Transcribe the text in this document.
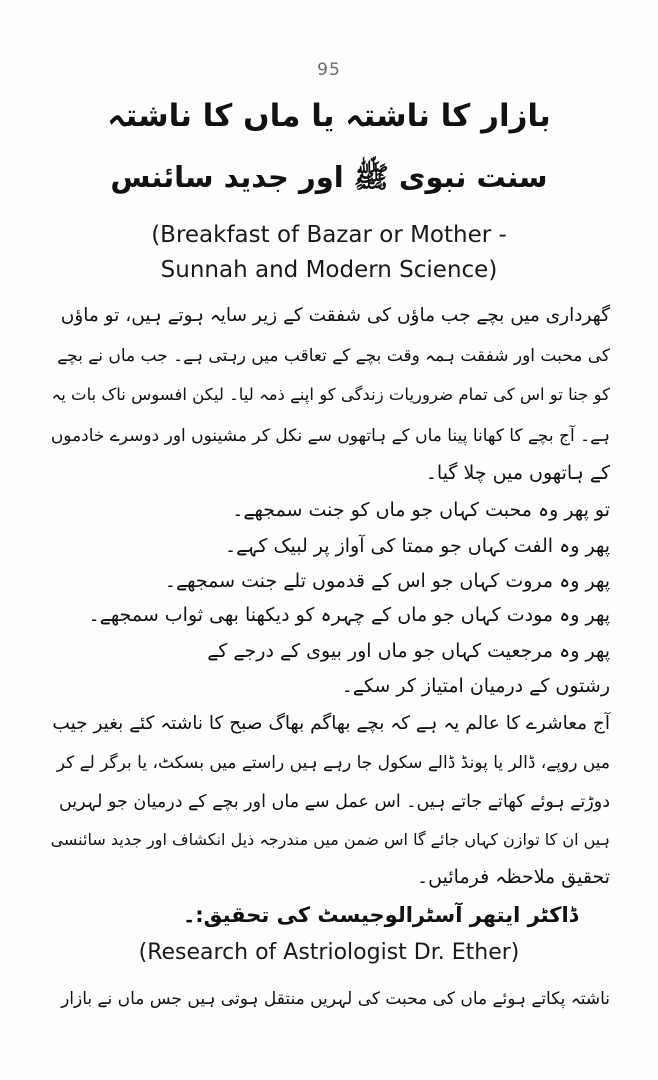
95
بازار کا ناشتہ یا ماں کا ناشتہ
سنت نبوی ﷺ اور جدید سائنس
(Breakfast of Bazar or Mother -
Sunnah and Modern Science)
گھرداری میں بچے جب ماؤں کی شفقت کے زیر سایہ ہوتے ہیں، تو ماؤں
کی محبت اور شفقت ہمہ وقت بچے کے تعاقب میں رہتی ہے۔ جب ماں نے بچے
کو جنا تو اس کی تمام ضروریات زندگی کو اپنے ذمہ لیا۔ لیکن افسوس ناک بات یہ
ہے۔ آج بچے کا کھانا پینا ماں کے ہاتھوں سے نکل کر مشینوں اور دوسرے خادموں
کے ہاتھوں میں چلا گیا۔
تو پھر وہ محبت کہاں جو ماں کو جنت سمجھے۔
پھر وہ الفت کہاں جو ممتا کی آواز پر لبیک کہے۔
پھر وہ مروت کہاں جو اس کے قدموں تلے جنت سمجھے۔
پھر وہ مودت کہاں جو ماں کے چہرہ کو دیکھنا بھی ثواب سمجھے۔
پھر وہ مرجعیت کہاں جو ماں اور بیوی کے درجے کے
رشتوں کے درمیان امتیاز کر سکے۔
آج معاشرے کا عالم یہ ہے کہ بچے بھاگم بھاگ صبح کا ناشتہ کئے بغیر جیب
میں روپے، ڈالر یا پونڈ ڈالے سکول جا رہے ہیں راستے میں بسکٹ، یا برگر لے کر
دوڑتے ہوئے کھاتے جاتے ہیں۔ اس عمل سے ماں اور بچے کے درمیان جو لہریں
ہیں ان کا توازن کہاں جائے گا اس ضمن میں مندرجہ ذیل انکشاف اور جدید سائنسی
تحقیق ملاحظہ فرمائیں۔
ڈاکٹر ایتھر آسٹرالوجیسٹ کی تحقیق:۔
(Research of Astriologist Dr. Ether)
ناشتہ پکاتے ہوئے ماں کی محبت کی لہریں منتقل ہوتی ہیں جس ماں نے بازار
